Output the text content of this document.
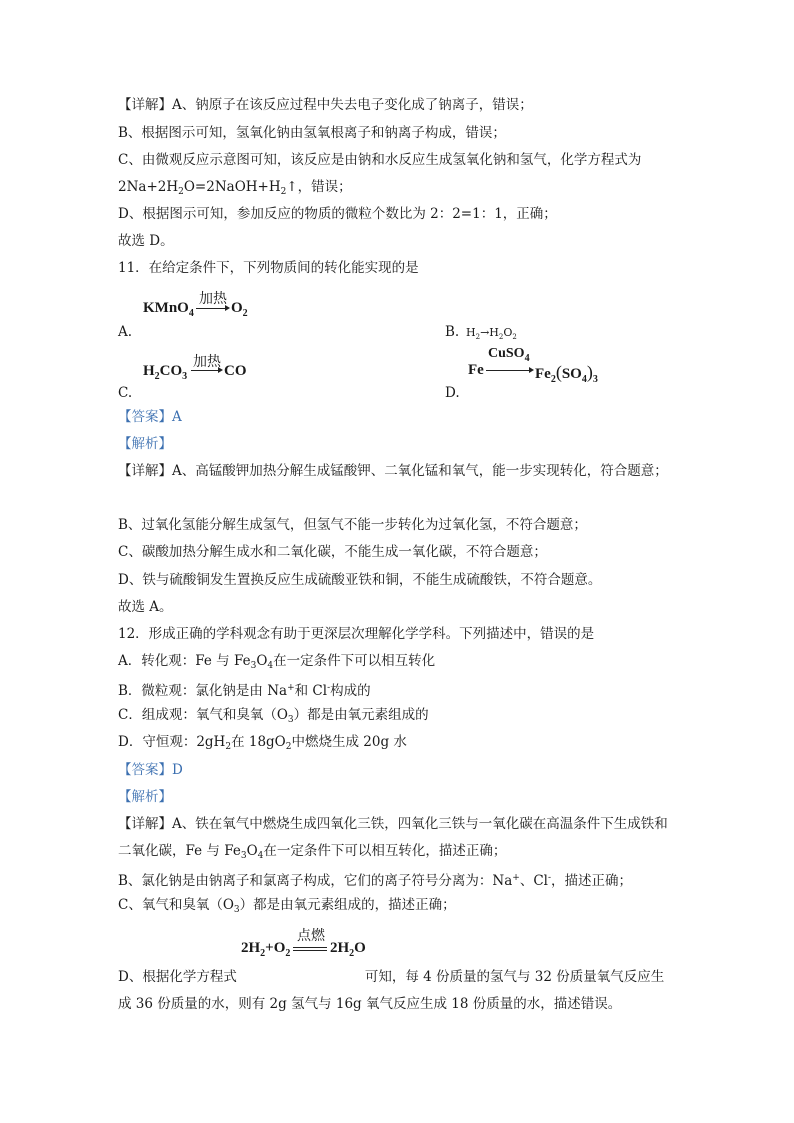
【详解】A、钠原子在该反应过程中失去电子变化成了钠离子，错误；
B、根据图示可知，氢氧化钠由氢氧根离子和钠离子构成，错误；
C、由微观反应示意图可知，该反应是由钠和水反应生成氢氧化钠和氢气，化学方程式为
$2Na+2H_2O=2NaOH+H_2↑$，错误；
D、根据图示可知，参加反应的物质的微粒个数比为 2：2=1：1，正确；
故选 D。
11．在给定条件下，下列物质间的转化能实现的是
KMnO$_4$
加热
$O_2$
A.	B. $H_2\to H_2O_2$
$H_2CO_3$
加热
CO
C.
Fe
CuSO$_4$
$Fe_2(SO_4)_3$
D.
【答案】A
【解析】
【详解】A、高锰酸钾加热分解生成锰酸钾、二氧化锰和氧气，能一步实现转化，符合题意；
B、过氧化氢能分解生成氢气，但氢气不能一步转化为过氧化氢，不符合题意；
C、碳酸加热分解生成水和二氧化碳，不能生成一氧化碳，不符合题意；
D、铁与硫酸铜发生置换反应生成硫酸亚铁和铜，不能生成硫酸铁，不符合题意。
故选 A。
12．形成正确的学科观念有助于更深层次理解化学学科。下列描述中，错误的是
A．转化观：Fe 与 $Fe_3O_4$在一定条件下可以相互转化
B．微粒观：氯化钠是由 Na+和 Cl-构成的
C．组成观：氧气和臭氧$(O_3)$都是由氧元素组成的
D．守恒观：$2gH_2$在 $18gO_2$中燃烧生成 20g 水
【答案】D
【解析】
【详解】A、铁在氧气中燃烧生成四氧化三铁，四氧化三铁与一氧化碳在高温条件下生成铁和
二氧化碳，Fe 与 $Fe_3O_4$在一定条件下可以相互转化，描述正确；
B、氯化钠是由钠离子和氯离子构成，它们的离子符号分离为：Na+、Cl-，描述正确；
C、氧气和臭氧$(O_3)$都是由氧元素组成的，描述正确；
$2H_2+O_2$
点燃
$2H_2O$
D、根据化学方程式	可知，每 4 份质量的氢气与 32 份质量氧气反应生
成 36 份质量的水，则有 2g 氢气与 16g 氧气反应生成 18 份质量的水，描述错误。
